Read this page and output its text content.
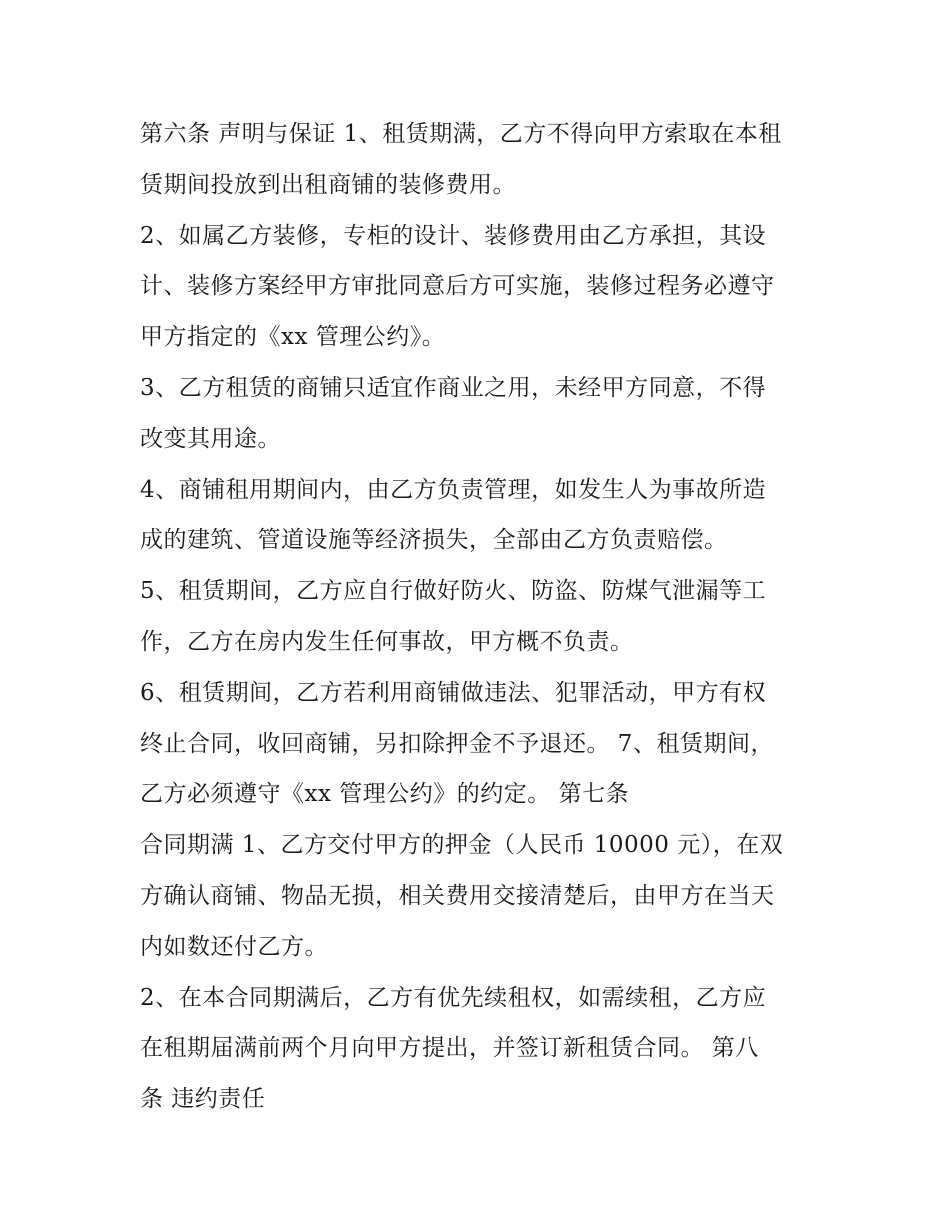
第六条 声明与保证 1、租赁期满，乙方不得向甲方索取在本租
赁期间投放到出租商铺的装修费用。
2、如属乙方装修，专柜的设计、装修费用由乙方承担，其设
计、装修方案经甲方审批同意后方可实施，装修过程务必遵守
甲方指定的《xx 管理公约》。
3、乙方租赁的商铺只适宜作商业之用，未经甲方同意，不得
改变其用途。
4、商铺租用期间内，由乙方负责管理，如发生人为事故所造
成的建筑、管道设施等经济损失，全部由乙方负责赔偿。
5、租赁期间，乙方应自行做好防火、防盗、防煤气泄漏等工
作，乙方在房内发生任何事故，甲方概不负责。
6、租赁期间，乙方若利用商铺做违法、犯罪活动，甲方有权
终止合同，收回商铺，另扣除押金不予退还。 7、租赁期间，
乙方必须遵守《xx 管理公约》的约定。 第七条
合同期满 1、乙方交付甲方的押金（人民币 10000 元），在双
方确认商铺、物品无损，相关费用交接清楚后，由甲方在当天
内如数还付乙方。
2、在本合同期满后，乙方有优先续租权，如需续租，乙方应
在租期届满前两个月向甲方提出，并签订新租赁合同。 第八
条 违约责任
